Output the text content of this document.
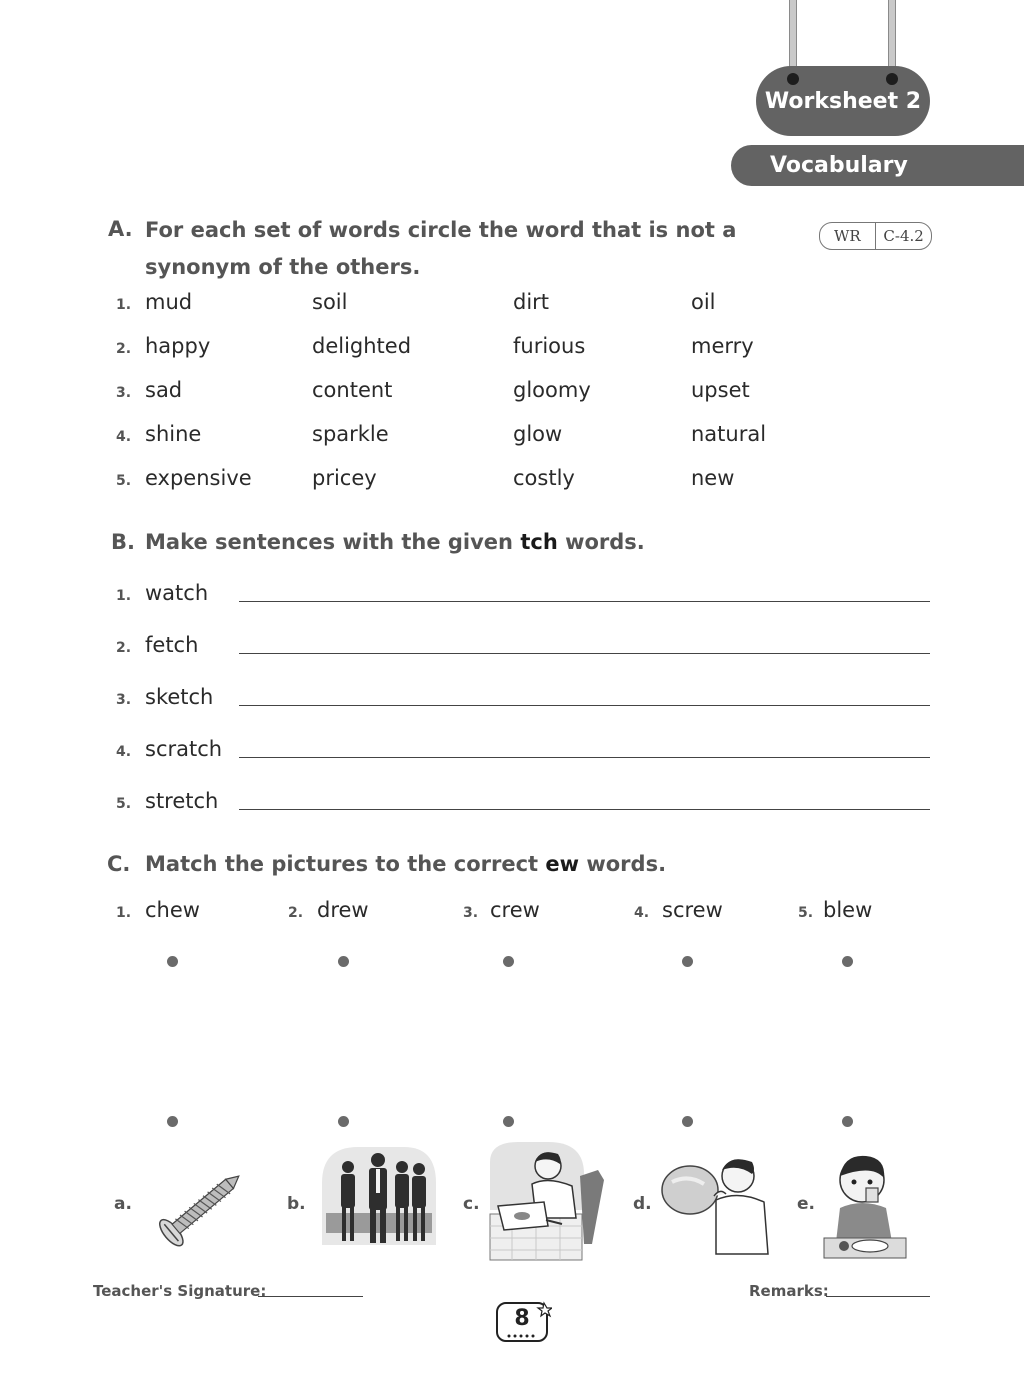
Worksheet 2
Vocabulary
A. For each set of words circle the word that is not a
synonym of the others.
WR	C-4.2
1. mud	soil	dirt	oil
2. happy	delighted	furious	merry
3. sad	content	gloomy	upset
4. shine	sparkle	glow	natural
5. expensive	pricey	costly	new
B. Make sentences with the given tch words.
1. watch
2. fetch
3. sketch
4. scratch
5. stretch
C. Match the pictures to the correct ew words.
1. chew	2. drew	3. crew	4. screw	5. blew
a.	b.	c.	d.	e.
Teacher's Signature:	Remarks:
8
